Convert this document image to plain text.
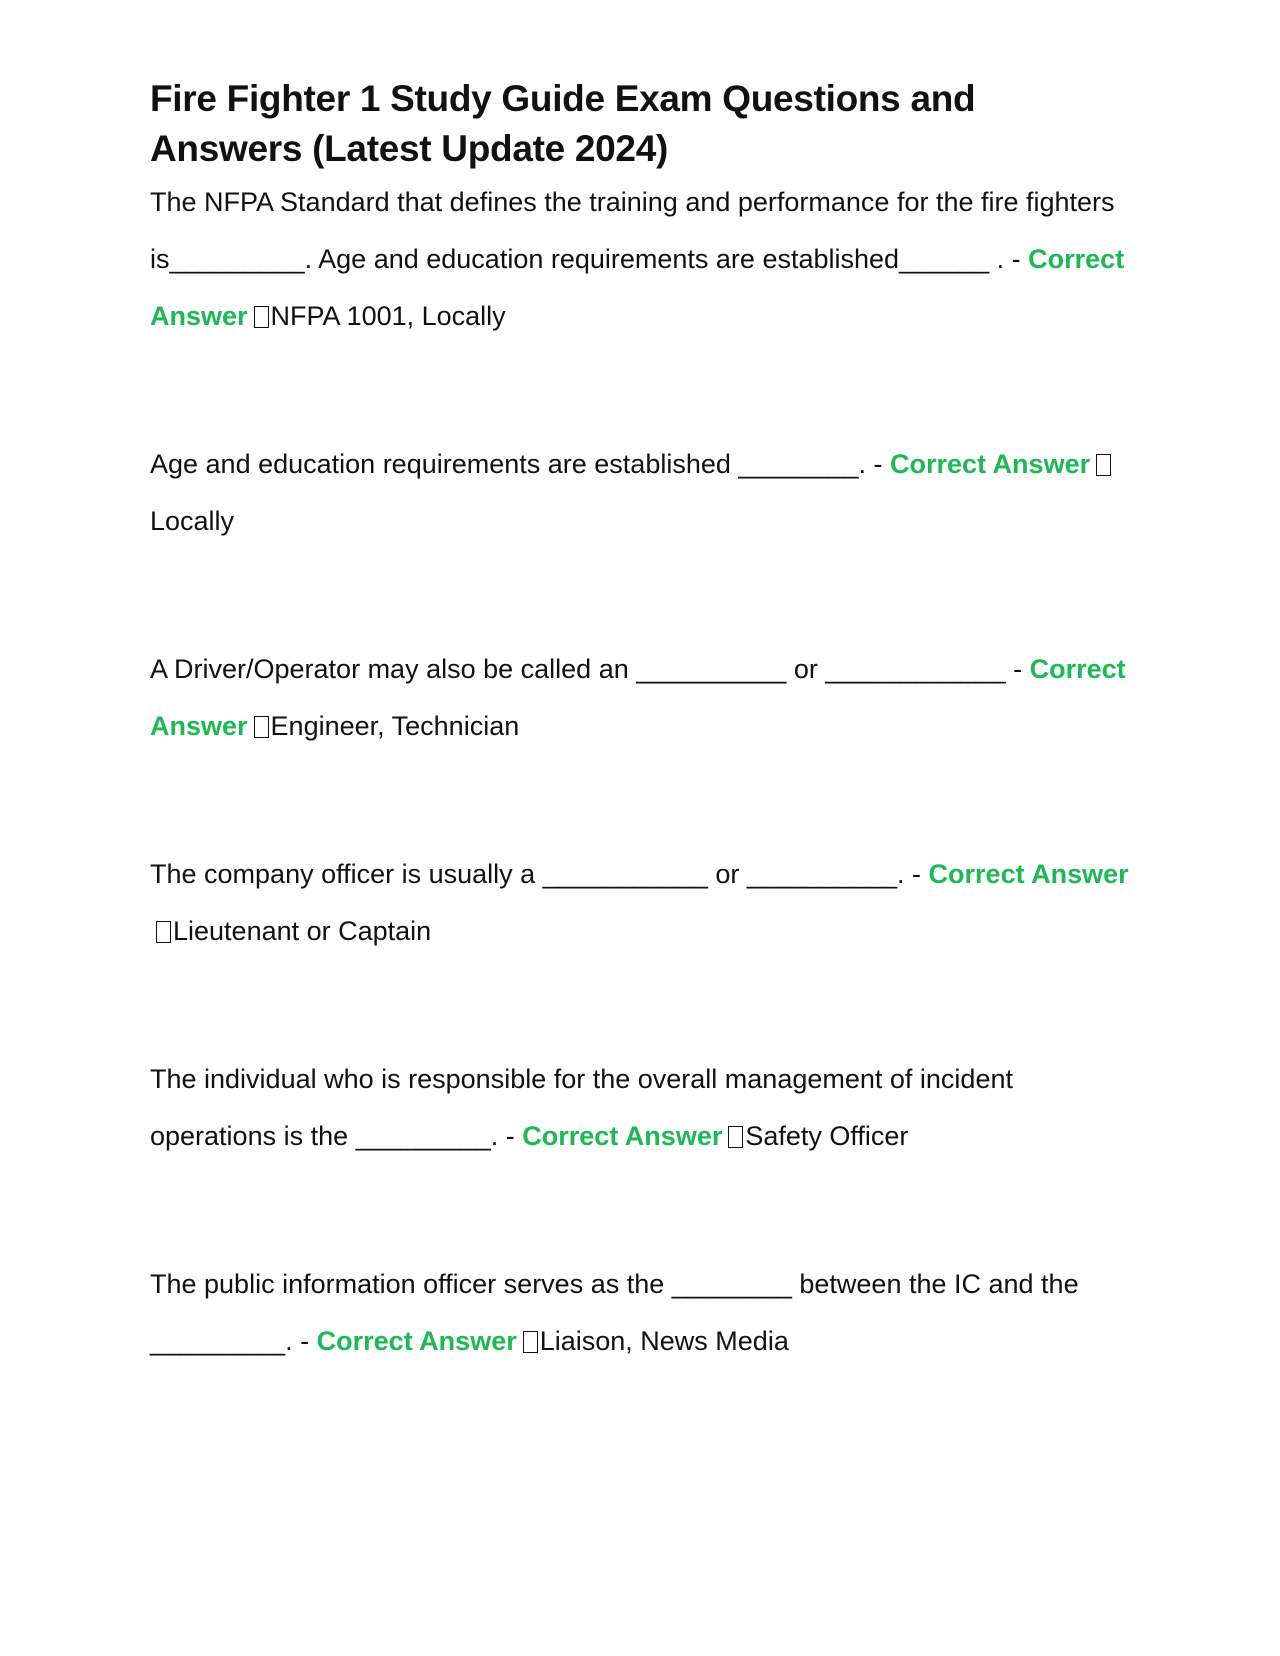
Fire Fighter 1 Study Guide Exam Questions and Answers (Latest Update 2024)

The NFPA Standard that defines the training and performance for the fire fighters is_________. Age and education requirements are established______ . - Correct Answer NFPA 1001, Locally

Age and education requirements are established ________. - Correct AnswerLocally

A Driver/Operator may also be called an __________ or ____________ - Correct Answer Engineer, Technician

The company officer is usually a ___________ or __________. - Correct AnswerLieutenant or Captain

The individual who is responsible for the overall management of incident operations is the _________. - Correct Answer Safety Officer

The public information officer serves as the ________ between the IC and the _________. - Correct Answer Liaison, News Media
